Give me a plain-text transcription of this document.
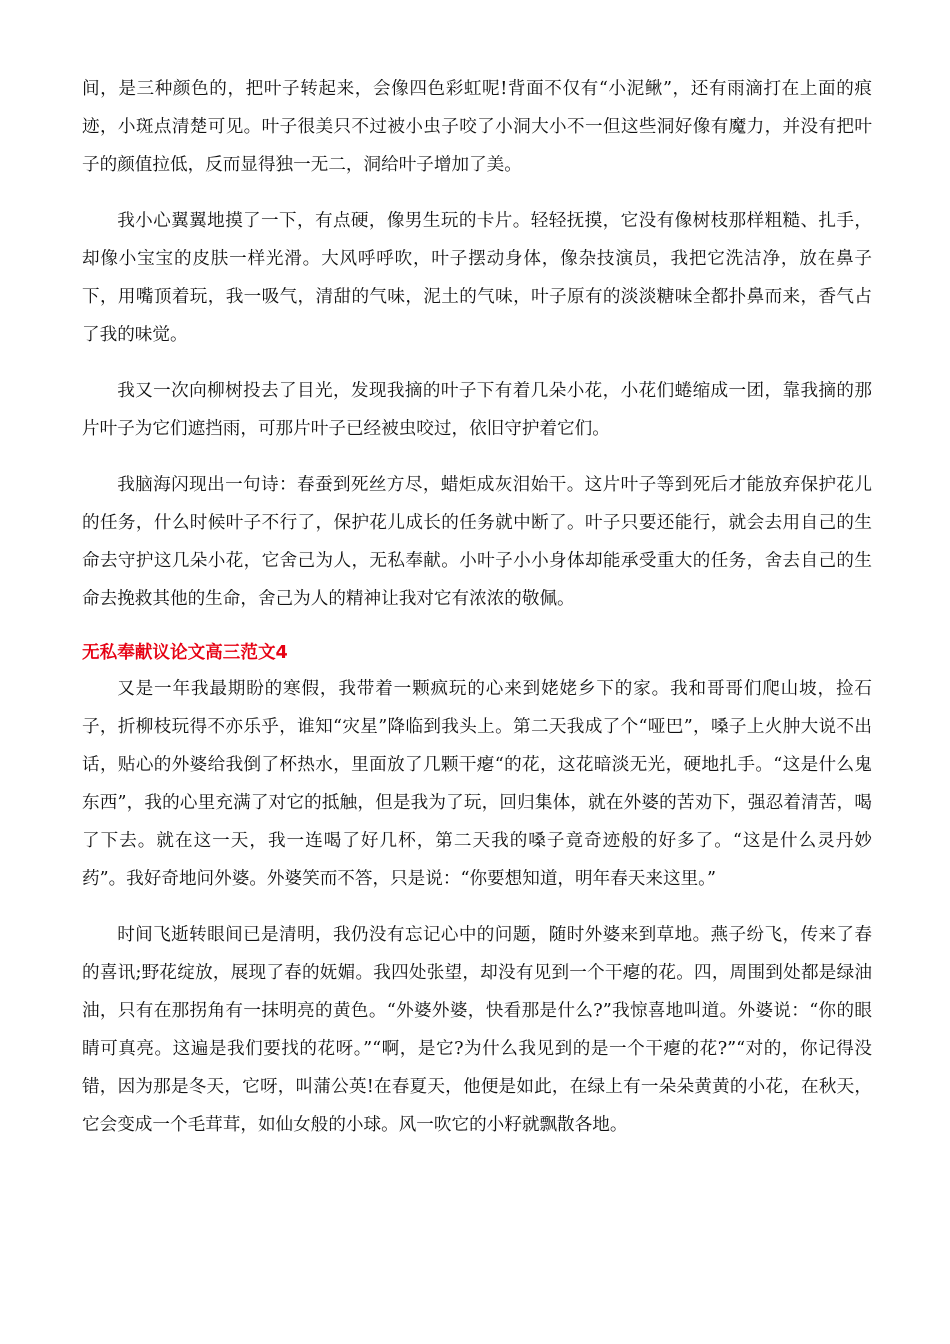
间，是三种颜色的，把叶子转起来，会像四色彩虹呢!背面不仅有“小泥鳅”，还有雨滴打在上面的痕迹，小斑点清楚可见。叶子很美只不过被小虫子咬了小洞大小不一但这些洞好像有魔力，并没有把叶子的颜值拉低，反而显得独一无二，洞给叶子增加了美。

我小心翼翼地摸了一下，有点硬，像男生玩的卡片。轻轻抚摸，它没有像树枝那样粗糙、扎手，却像小宝宝的皮肤一样光滑。大风呼呼吹，叶子摆动身体，像杂技演员，我把它洗洁净，放在鼻子下，用嘴顶着玩，我一吸气，清甜的气味，泥土的气味，叶子原有的淡淡糖味全都扑鼻而来，香气占了我的味觉。

我又一次向柳树投去了目光，发现我摘的叶子下有着几朵小花，小花们蜷缩成一团，靠我摘的那片叶子为它们遮挡雨，可那片叶子已经被虫咬过，依旧守护着它们。

我脑海闪现出一句诗：春蚕到死丝方尽，蜡炬成灰泪始干。这片叶子等到死后才能放弃保护花儿的任务，什么时候叶子不行了，保护花儿成长的任务就中断了。叶子只要还能行，就会去用自己的生命去守护这几朵小花，它舍己为人，无私奉献。小叶子小小身体却能承受重大的任务，舍去自己的生命去挽救其他的生命，舍己为人的精神让我对它有浓浓的敬佩。

无私奉献议论文高三范文4

又是一年我最期盼的寒假，我带着一颗疯玩的心来到姥姥乡下的家。我和哥哥们爬山坡，捡石子，折柳枝玩得不亦乐乎，谁知“灾星”降临到我头上。第二天我成了个“哑巴”，嗓子上火肿大说不出话，贴心的外婆给我倒了杯热水，里面放了几颗干瘪“的花，这花暗淡无光，硬地扎手。“这是什么鬼东西”，我的心里充满了对它的抵触，但是我为了玩，回归集体，就在外婆的苦劝下，强忍着清苦，喝了下去。就在这一天，我一连喝了好几杯，第二天我的嗓子竟奇迹般的好多了。“这是什么灵丹妙药”。我好奇地问外婆。外婆笑而不答，只是说：“你要想知道，明年春天来这里。”

时间飞逝转眼间已是清明，我仍没有忘记心中的问题，随时外婆来到草地。燕子纷飞，传来了春的喜讯;野花绽放，展现了春的妩媚。我四处张望，却没有见到一个干瘪的花。四，周围到处都是绿油油，只有在那拐角有一抹明亮的黄色。“外婆外婆，快看那是什么?”我惊喜地叫道。外婆说：“你的眼睛可真亮。这遍是我们要找的花呀。”“啊，是它?为什么我见到的是一个干瘪的花?”“对的，你记得没错，因为那是冬天，它呀，叫蒲公英!在春夏天，他便是如此，在绿上有一朵朵黄黄的小花，在秋天，它会变成一个毛茸茸，如仙女般的小球。风一吹它的小籽就飘散各地。
